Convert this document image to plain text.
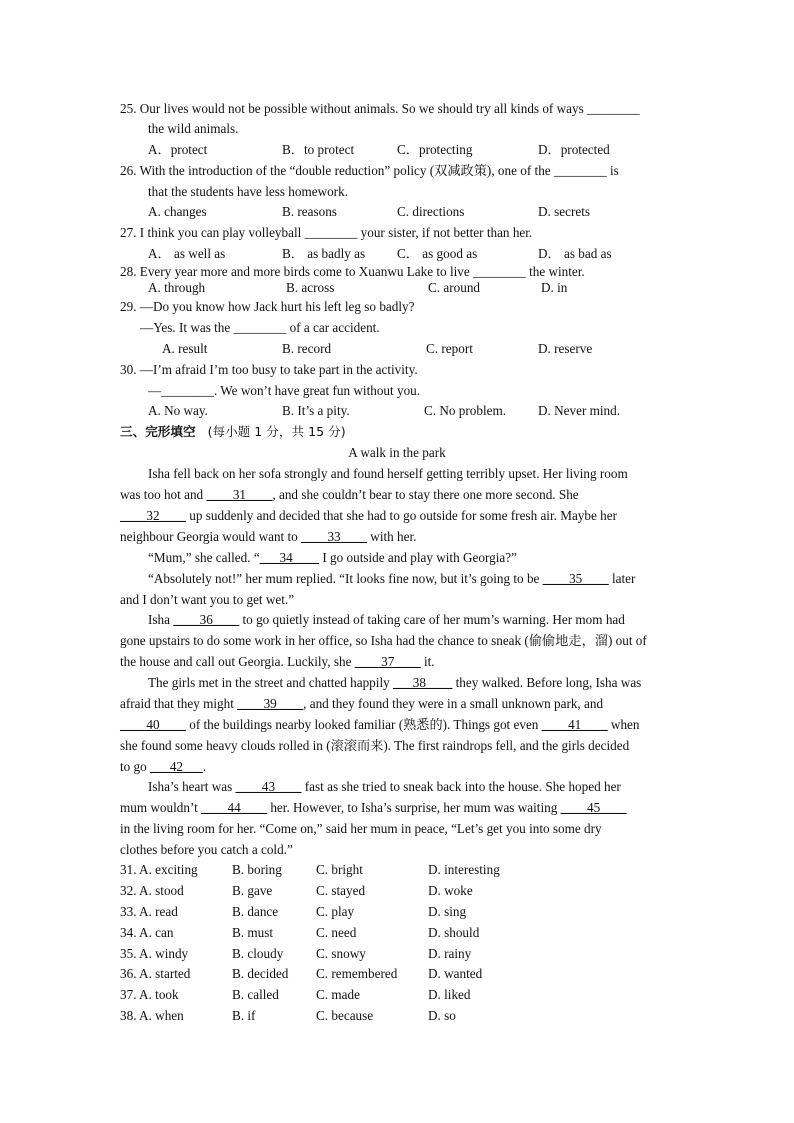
25. Our lives would not be possible without animals. So we should try all kinds of ways ________
the wild animals.
A．protect	B．to protect	C．protecting	D．protected
26. With the introduction of the “double reduction” policy (双减政策), one of the ________ is
that the students have less homework.
A. changes	B. reasons	C. directions	D. secrets
27. I think you can play volleyball ________ your sister, if not better than her.
A． as well as	B． as badly as C． as good as	D． as bad as
28. Every year more and more birds come to Xuanwu Lake to live ________ the winter.
A. through	B. across	C. around	D. in
29. —Do you know how Jack hurt his left leg so badly?
—Yes. It was the ________ of a car accident.
A. result	B. record	C. report	D. reserve
30. —I’m afraid I’m too busy to take part in the activity.
—________. We won’t have great fun without you.
A. No way.	B. It’s a pity.	C. No problem. D. Never mind.
三、完形填空 (每小题 1 分，共 15 分)
A walk in the park
Isha fell back on her sofa strongly and found herself getting terribly upset. Her living room
was too hot and ____31____, and she couldn’t bear to stay there one more second. She
____32____ up suddenly and decided that she had to go outside for some fresh air. Maybe her
neighbour Georgia would want to ____33____ with her.
“Mum,” she called. “___34____ I go outside and play with Georgia?”
“Absolutely not!” her mum replied. “It looks fine now, but it’s going to be ____35____ later
and I don’t want you to get wet.”
Isha ____36____ to go quietly instead of taking care of her mum’s warning. Her mom had
gone upstairs to do some work in her office, so Isha had the chance to sneak (偷偷地走，溜) out of
the house and call out Georgia. Luckily, she ____37____ it.
The girls met in the street and chatted happily ___38____ they walked. Before long, Isha was
afraid that they might ____39____, and they found they were in a small unknown park, and
____40____ of the buildings nearby looked familiar (熟悉的). Things got even ____41____ when
she found some heavy clouds rolled in (滚滚而来). The first raindrops fell, and the girls decided
to go ___42___.
Isha’s heart was ____43____ fast as she tried to sneak back into the house. She hoped her
mum wouldn’t ____44____ her. However, to Isha’s surprise, her mum was waiting ____45____
in the living room for her. “Come on,” said her mum in peace, “Let’s get you into some dry
clothes before you catch a cold.”
31. A. exciting	B. boring	C. bright	D. interesting
32. A. stood	B. gave	C. stayed	D. woke
33. A. read	B. dance	C. play	D. sing
34. A. can	B. must	C. need	D. should
35. A. windy	B. cloudy C. snowy	D. rainy
36. A. started	B. decided C. remembered D. wanted
37. A. took	B. called	C. made	D. liked
38. A. when	B. if	C. because	D. so
